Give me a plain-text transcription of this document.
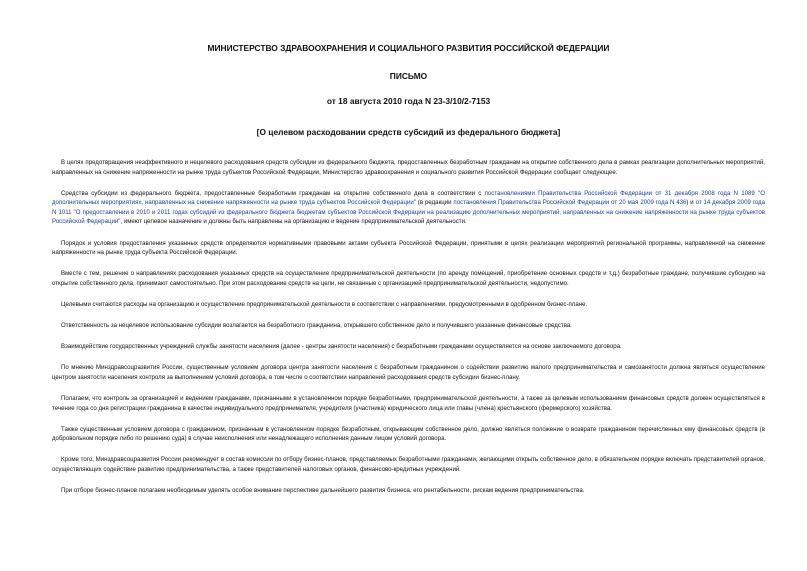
МИНИСТЕРСТВО ЗДРАВООХРАНЕНИЯ И СОЦИАЛЬНОГО РАЗВИТИЯ РОССИЙСКОЙ ФЕДЕРАЦИИ
ПИСЬМО
от 18 августа 2010 года N 23-3/10/2-7153
[О целевом расходовании средств субсидий из федерального бюджета]

В целях предотвращения неэффективного и нецелевого расходования средств субсидии из федерального бюджета, предоставленных безработным гражданам на открытие собственного дела в рамках реализации дополнительных мероприятий, направленных на снижение напряженности на рынке труда субъектов Российской Федерации, Министерство здравоохранения и социального развития Российской Федерации сообщает следующее.

Средства субсидии из федерального бюджета, предоставленные безработным гражданам на открытие собственного дела в соответствии с постановлениями Правительства Российской Федерации от 31 декабря 2008 года N 1089 "О дополнительных мероприятиях, направленных на снижение напряженности на рынке труда субъектов Российской Федерации" (в редакции постановления Правительства Российской Федерации от 20 мая 2009 года N 436) и от 14 декабря 2009 года N 1011 "О предоставлении в 2010 и 2011 годах субсидий из федерального бюджета бюджетам субъектов Российской Федерации на реализацию дополнительных мероприятий, направленных на снижение напряженности на рынке труда субъектов Российской Федерации", имеют целевое назначение и должны быть направлены на организацию и ведение предпринимательской деятельности.

Порядок и условия предоставления указанных средств определяются нормативными правовыми актами субъекта Российской Федерации, принятыми в целях реализации мероприятий региональной программы, направленной на снижение напряженности на рынке труда субъекта Российской Федерации.

Вместе с тем, решение о направлениях расходования указанных средств на осуществление предпринимательской деятельности (по аренду помещений, приобретение основных средств и т.д.) безработные граждане, получившие субсидию на открытие собственного дела, принимают самостоятельно. При этом расходование средств на цели, не связанные с организацией предпринимательской деятельности, недопустимо.

Целевыми считаются расходы на организацию и осуществление предпринимательской деятельности в соответствии с направлениями, предусмотренными в одобренном бизнес-плане.

Ответственность за нецелевое использование субсидии возлагается на безработного гражданина, открывшего собственное дело и получившего указанные финансовые средства.

Взаимодействие государственных учреждений службы занятости населения (далее - центры занятости населения) с безработными гражданами осуществляется на основе заключаемого договора.

По мнению Минздравсоцразвития России, существенным условием договора центра занятости населения с безработным гражданином о содействии развитию малого предпринимательства и самозанятости должна являться осуществление центром занятости населения контроля за выполнением условий договора, в том числе о соответствии направлений расходования средств субсидии бизнес-плану.

Полагаем, что контроль за организацией и ведением гражданами, признанными в установленном порядке безработными, предпринимательской деятельности, а также за целевым использованием финансовых средств должен осуществляться в течение года со дня регистрации гражданина в качестве индивидуального предпринимателя, учредителя (участника) юридического лица или главы (члена) крестьянского (фермерского) хозяйства.

Также существенным условием договора с гражданином, признанным в установленном порядке безработным, открывающим собственное дело, должно являться положение о возврате гражданином перечисленных ему финансовых средств (в добровольном порядке либо по решению суда) в случае неисполнения или ненадлежащего исполнения данным лицом условий договора.

Кроме того, Минздравсоцразвития России рекомендует в состав комиссии по отбору бизнес-планов, представляемых безработными гражданами, желающими открыть собственное дело, в обязательном порядке включать представителей органов, осуществляющих содействие развитию предпринимательства, а также представителей налоговых органов, финансово-кредитных учреждений.

При отборе бизнес-планов полагаем необходимым уделять особое внимание перспективе дальнейшего развития бизнеса, его рентабельности, рискам ведения предпринимательства.
